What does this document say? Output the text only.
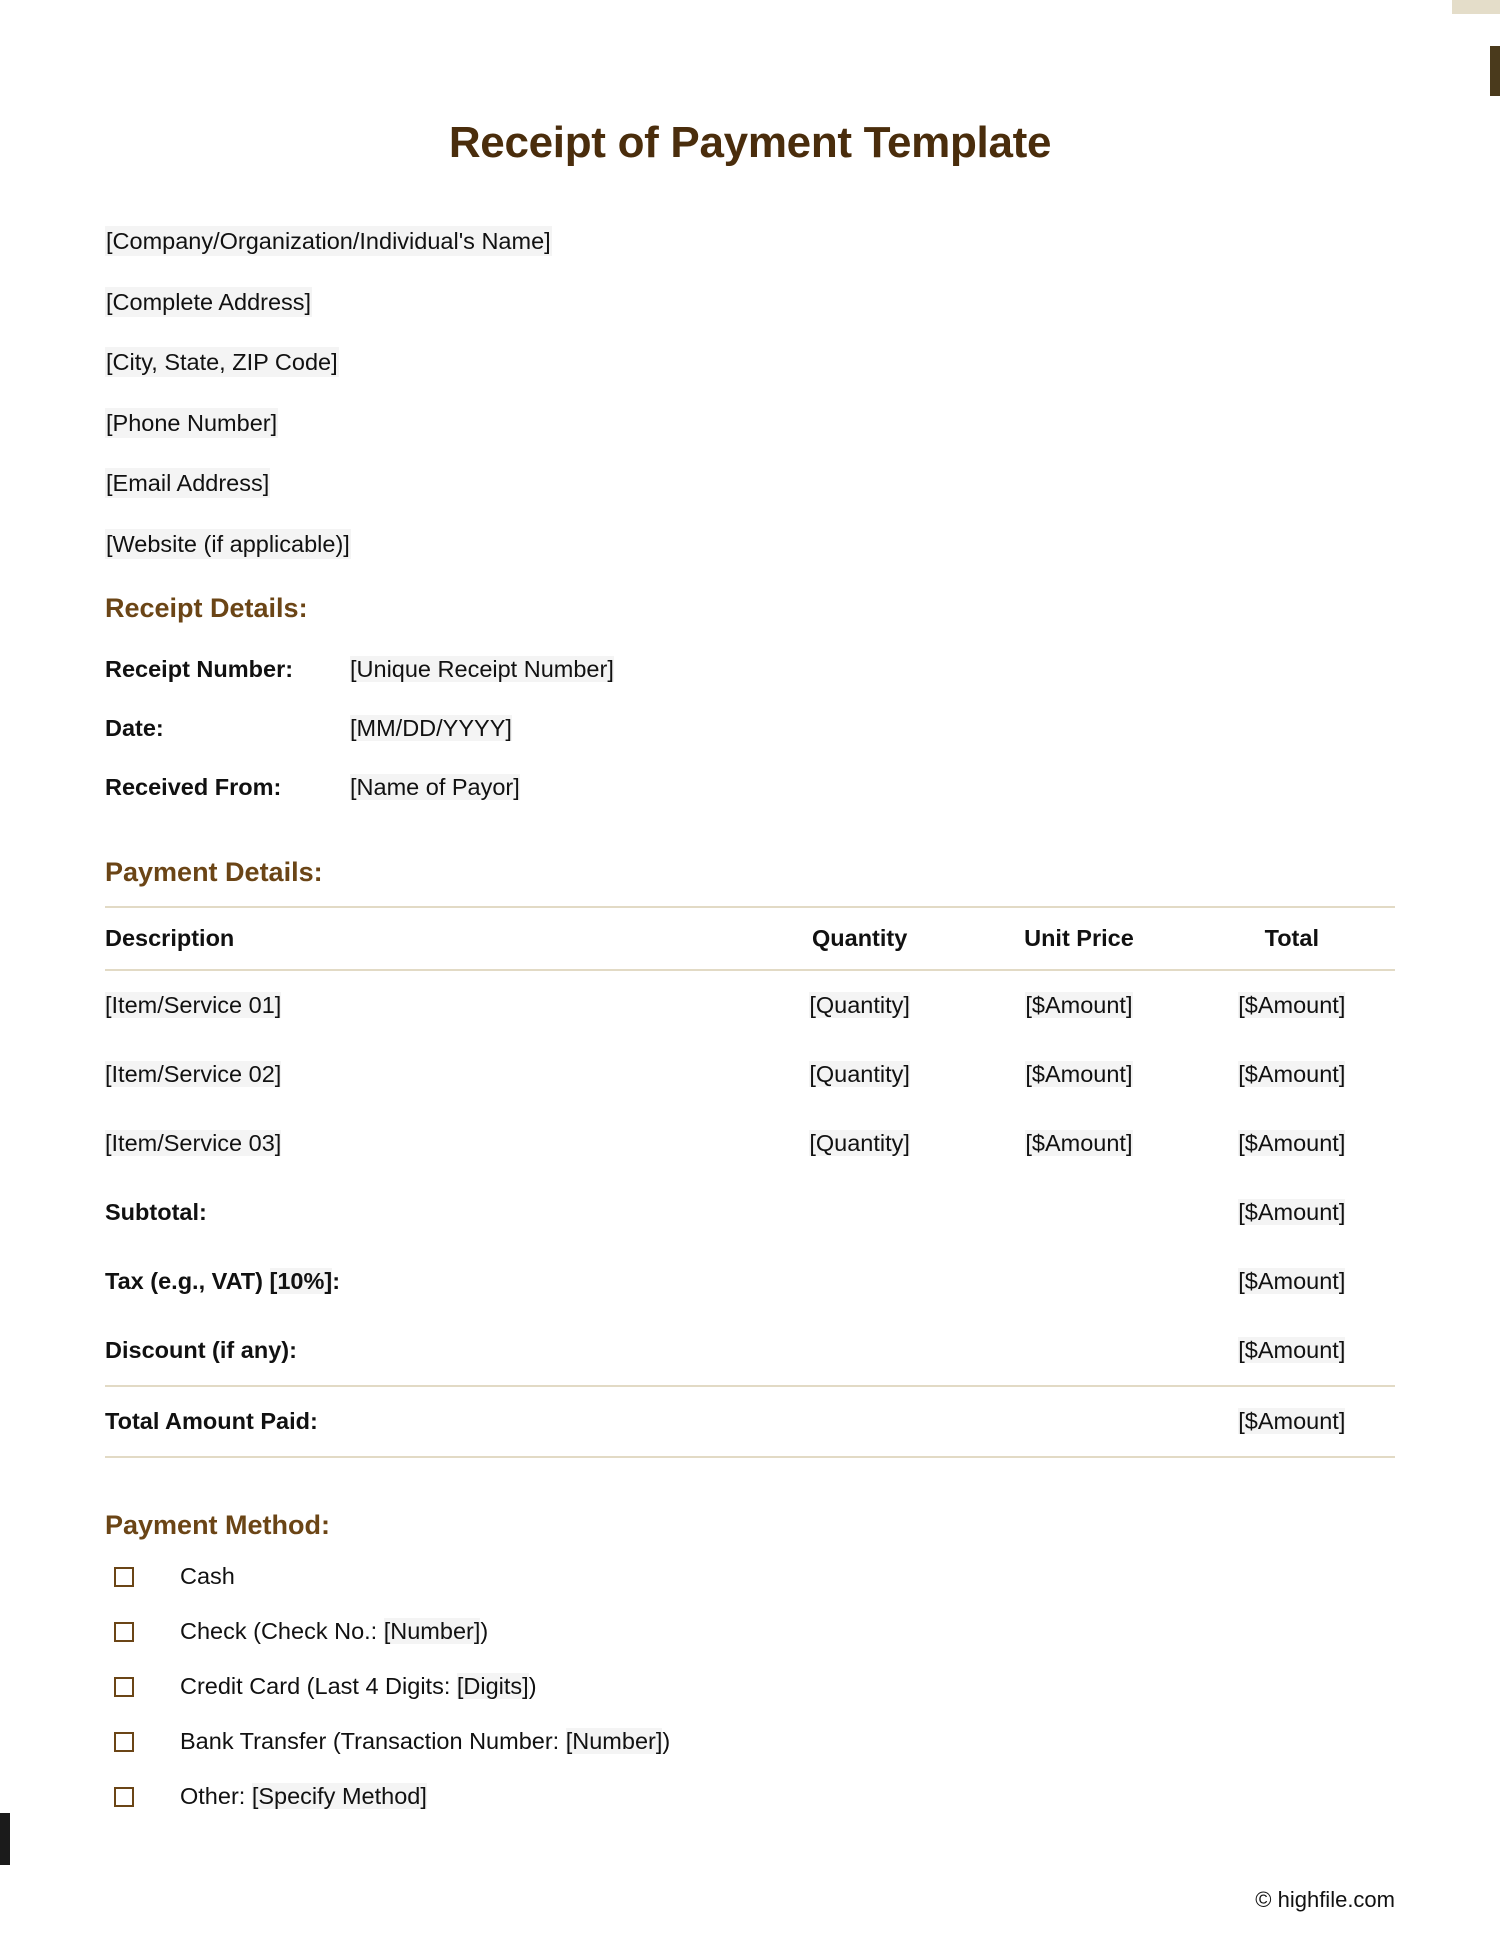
Receipt of Payment Template
[Company/Organization/Individual's Name]
[Complete Address]
[City, State, ZIP Code]
[Phone Number]
[Email Address]
[Website (if applicable)]
Receipt Details:
Receipt Number:	[Unique Receipt Number]
Date:	[MM/DD/YYYY]
Received From:	[Name of Payor]
Payment Details:
Description	Quantity	Unit Price	Total
[Item/Service 01]	[Quantity]	[$Amount]	[$Amount]
[Item/Service 02]	[Quantity]	[$Amount]	[$Amount]
[Item/Service 03]	[Quantity]	[$Amount]	[$Amount]
Subtotal:			[$Amount]
Tax (e.g., VAT) [10%]:			[$Amount]
Discount (if any):			[$Amount]
Total Amount Paid:			[$Amount]
Payment Method:
Cash
Check (Check No.: [Number])
Credit Card (Last 4 Digits: [Digits])
Bank Transfer (Transaction Number: [Number])
Other: [Specify Method]
© highfile.com
